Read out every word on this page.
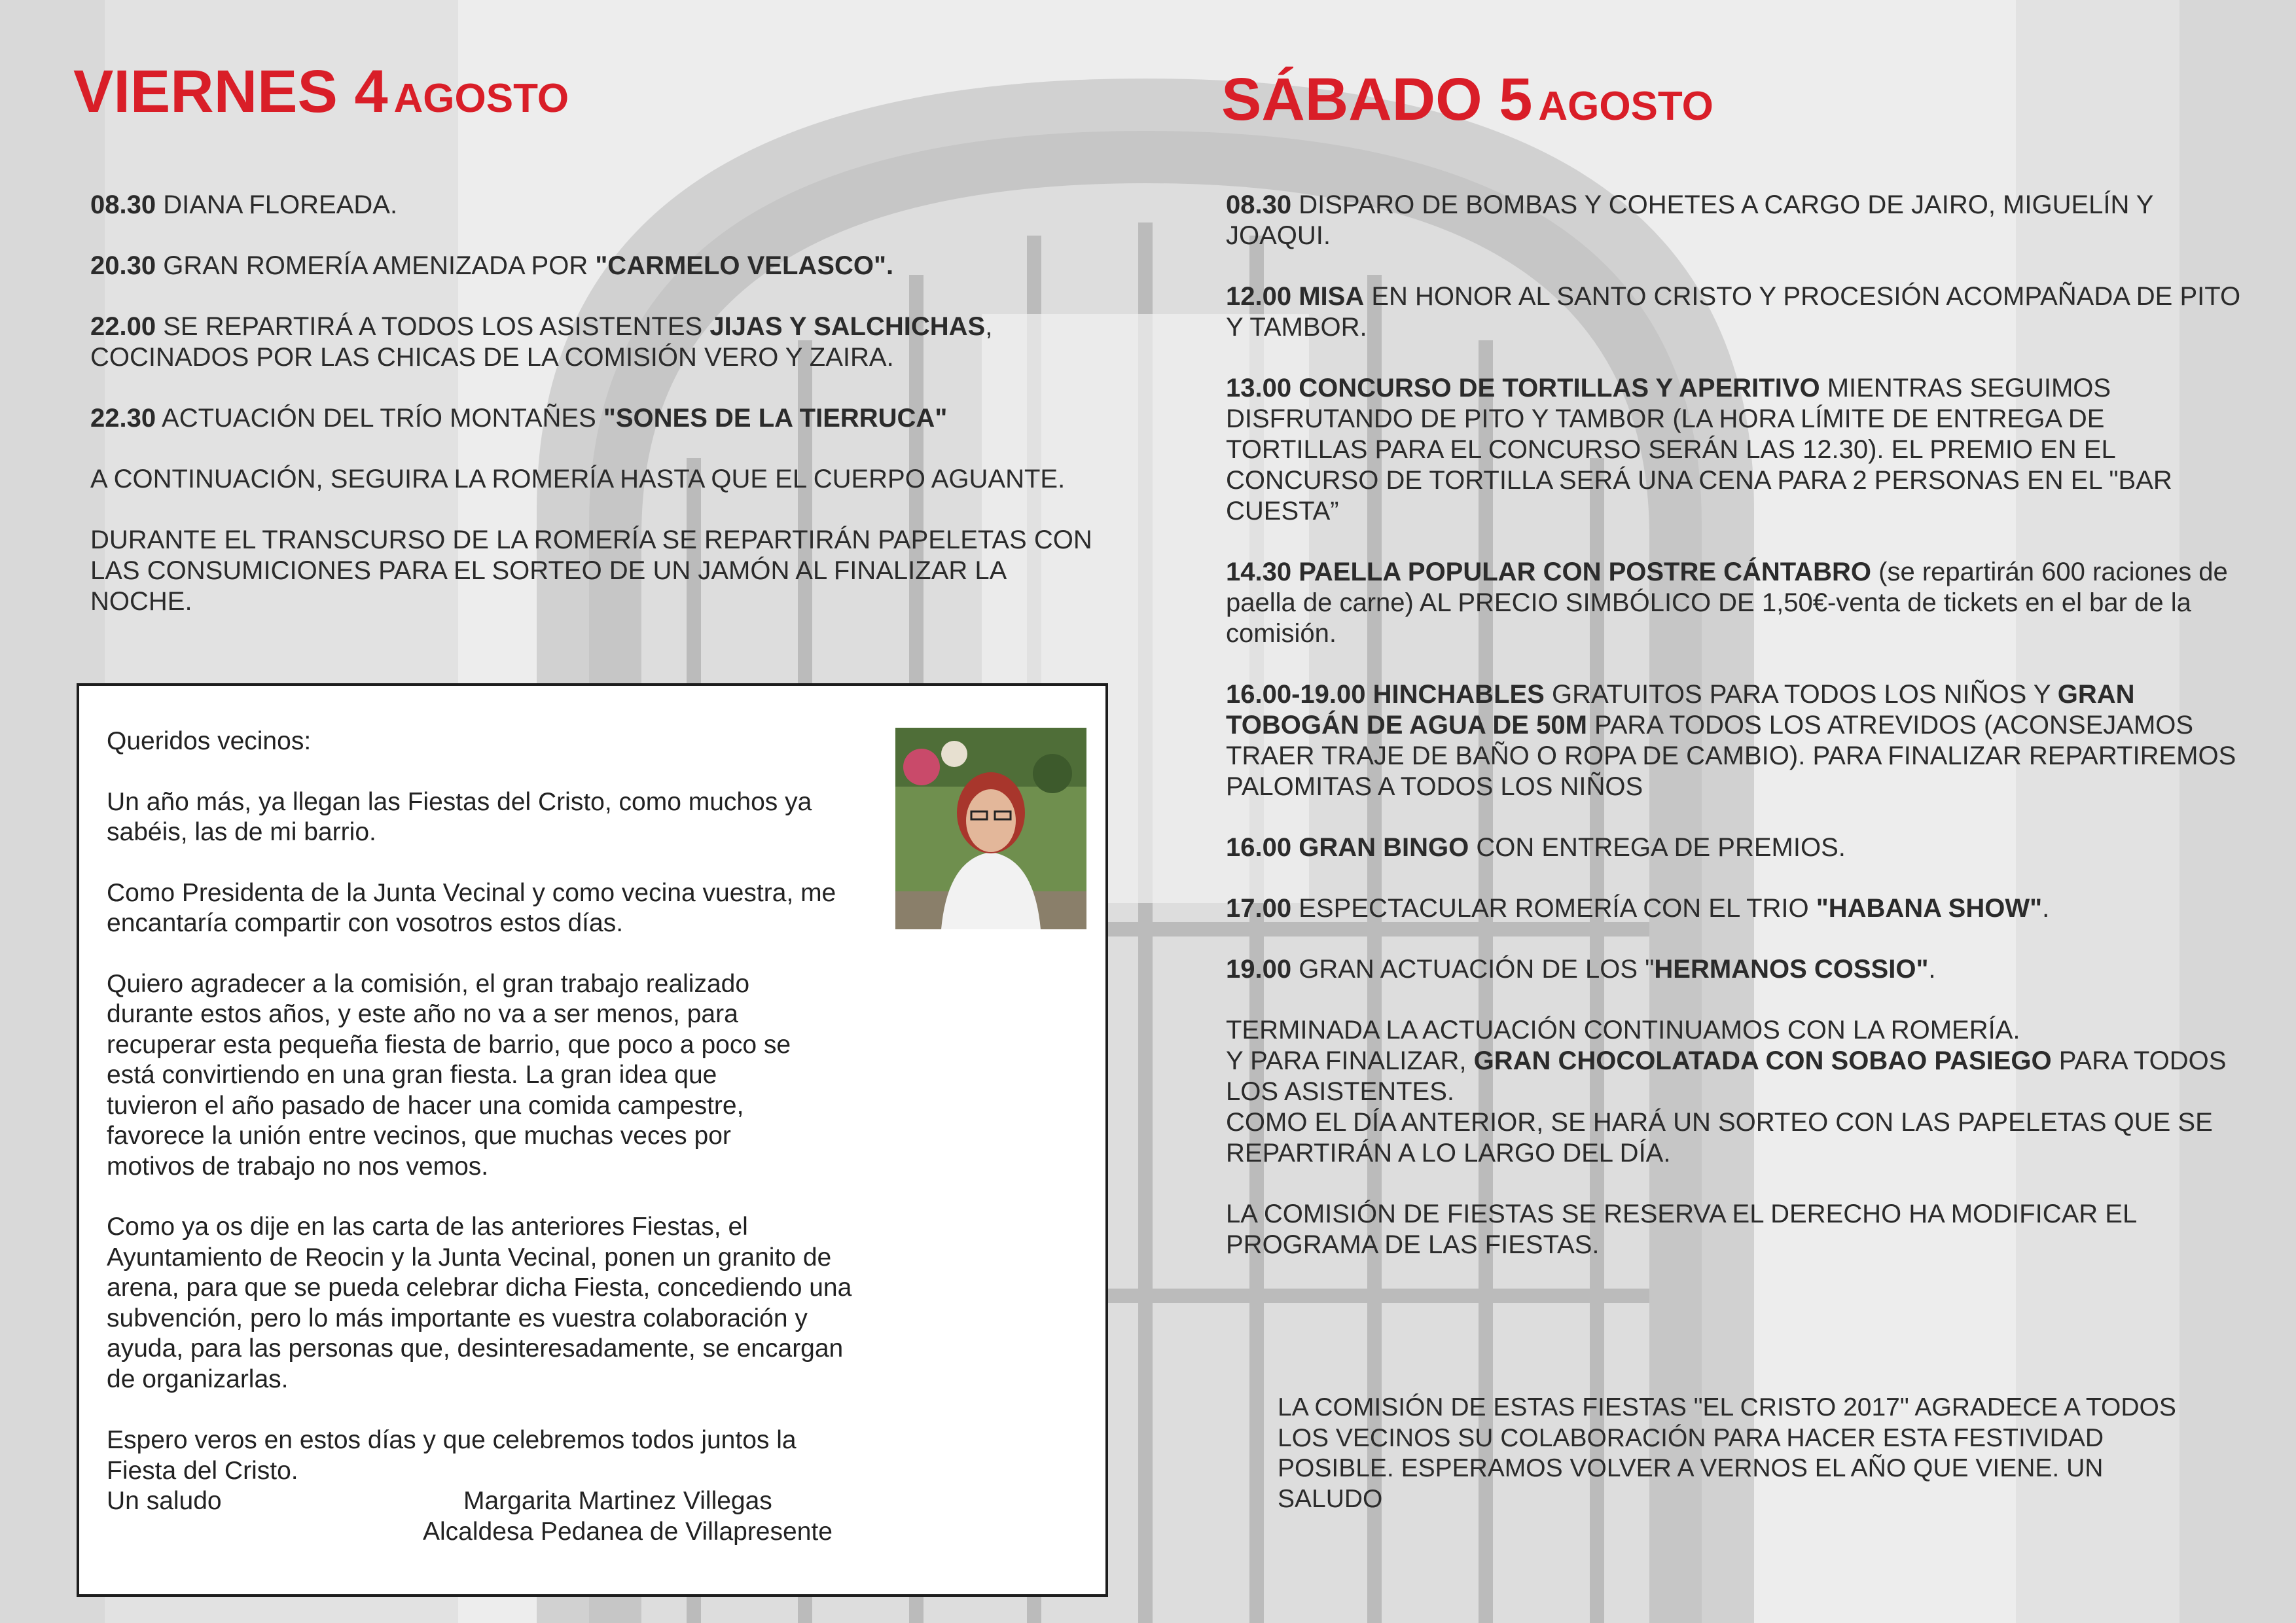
VIERNES 4 AGOSTO
08.30 DIANA FLOREADA.
20.30 GRAN ROMERÍA AMENIZADA POR "CARMELO VELASCO".
22.00 SE REPARTIRÁ A TODOS LOS ASISTENTES JIJAS Y SALCHICHAS, COCINADOS POR LAS CHICAS DE LA COMISIÓN VERO Y ZAIRA.
22.30 ACTUACIÓN DEL TRÍO MONTAÑES "SONES DE LA TIERRUCA"
A CONTINUACIÓN, SEGUIRA LA ROMERÍA HASTA QUE EL CUERPO AGUANTE.
DURANTE EL TRANSCURSO DE LA ROMERÍA SE REPARTIRÁN PAPELETAS CON LAS CONSUMICIONES PARA EL SORTEO DE UN JAMÓN AL FINALIZAR LA NOCHE.

Queridos vecinos:

Un año más, ya llegan las Fiestas del Cristo, como muchos ya sabéis, las de mi barrio.

Como Presidenta de la Junta Vecinal y como vecina vuestra, me encantaría compartir con vosotros estos días.

Quiero agradecer a la comisión, el gran trabajo realizado durante estos años, y este año no va a ser menos, para recuperar esta pequeña fiesta de barrio, que poco a poco se está convirtiendo en una gran fiesta. La gran idea que tuvieron el año pasado de hacer una comida campestre, favorece la unión entre vecinos, que muchas veces por motivos de trabajo no nos vemos.

Como ya os dije en las carta de las anteriores Fiestas, el Ayuntamiento de Reocin y la Junta Vecinal, ponen un granito de arena, para que se pueda celebrar dicha Fiesta, concediendo una subvención, pero lo más importante es vuestra colaboración y ayuda, para las personas que, desinteresadamente, se encargan de organizarlas.

Espero veros en estos días y que celebremos todos juntos la
Fiesta del Cristo.
Un saludo	Margarita Martinez Villegas
Alcaldesa Pedanea de Villapresente
SÁBADO 5 AGOSTO
08.30 DISPARO DE BOMBAS Y COHETES A CARGO DE JAIRO, MIGUELÍN Y JOAQUI.
12.00 MISA EN HONOR AL SANTO CRISTO Y PROCESIÓN ACOMPAÑADA DE PITO Y TAMBOR.
13.00 CONCURSO DE TORTILLAS Y APERITIVO MIENTRAS SEGUIMOS DISFRUTANDO DE PITO Y TAMBOR (LA HORA LÍMITE DE ENTREGA DE TORTILLAS PARA EL CONCURSO SERÁN LAS 12.30). EL PREMIO EN EL CONCURSO DE TORTILLA SERÁ UNA CENA PARA 2 PERSONAS EN EL "BAR CUESTA”
14.30 PAELLA POPULAR CON POSTRE CÁNTABRO (se repartirán 600 raciones de paella de carne) AL PRECIO SIMBÓLICO DE 1,50€-venta de tickets en el bar de la comisión.
16.00-19.00 HINCHABLES GRATUITOS PARA TODOS LOS NIÑOS Y GRAN TOBOGÁN DE AGUA DE 50M PARA TODOS LOS ATREVIDOS (ACONSEJAMOS TRAER TRAJE DE BAÑO O ROPA DE CAMBIO). PARA FINALIZAR REPARTIREMOS PALOMITAS A TODOS LOS NIÑOS
16.00 GRAN BINGO CON ENTREGA DE PREMIOS.
17.00 ESPECTACULAR ROMERÍA CON EL TRIO "HABANA SHOW".
19.00 GRAN ACTUACIÓN DE LOS "HERMANOS COSSIO".
TERMINADA LA ACTUACIÓN CONTINUAMOS CON LA ROMERÍA.
Y PARA FINALIZAR, GRAN CHOCOLATADA CON SOBAO PASIEGO PARA TODOS LOS ASISTENTES.
COMO EL DÍA ANTERIOR, SE HARÁ UN SORTEO CON LAS PAPELETAS QUE SE REPARTIRÁN A LO LARGO DEL DÍA.
LA COMISIÓN DE FIESTAS SE RESERVA EL DERECHO HA MODIFICAR EL PROGRAMA DE LAS FIESTAS.

LA COMISIÓN DE ESTAS FIESTAS "EL CRISTO 2017" AGRADECE A TODOS LOS VECINOS SU COLABORACIÓN PARA HACER ESTA FESTIVIDAD POSIBLE. ESPERAMOS VOLVER A VERNOS EL AÑO QUE VIENE. UN SALUDO
